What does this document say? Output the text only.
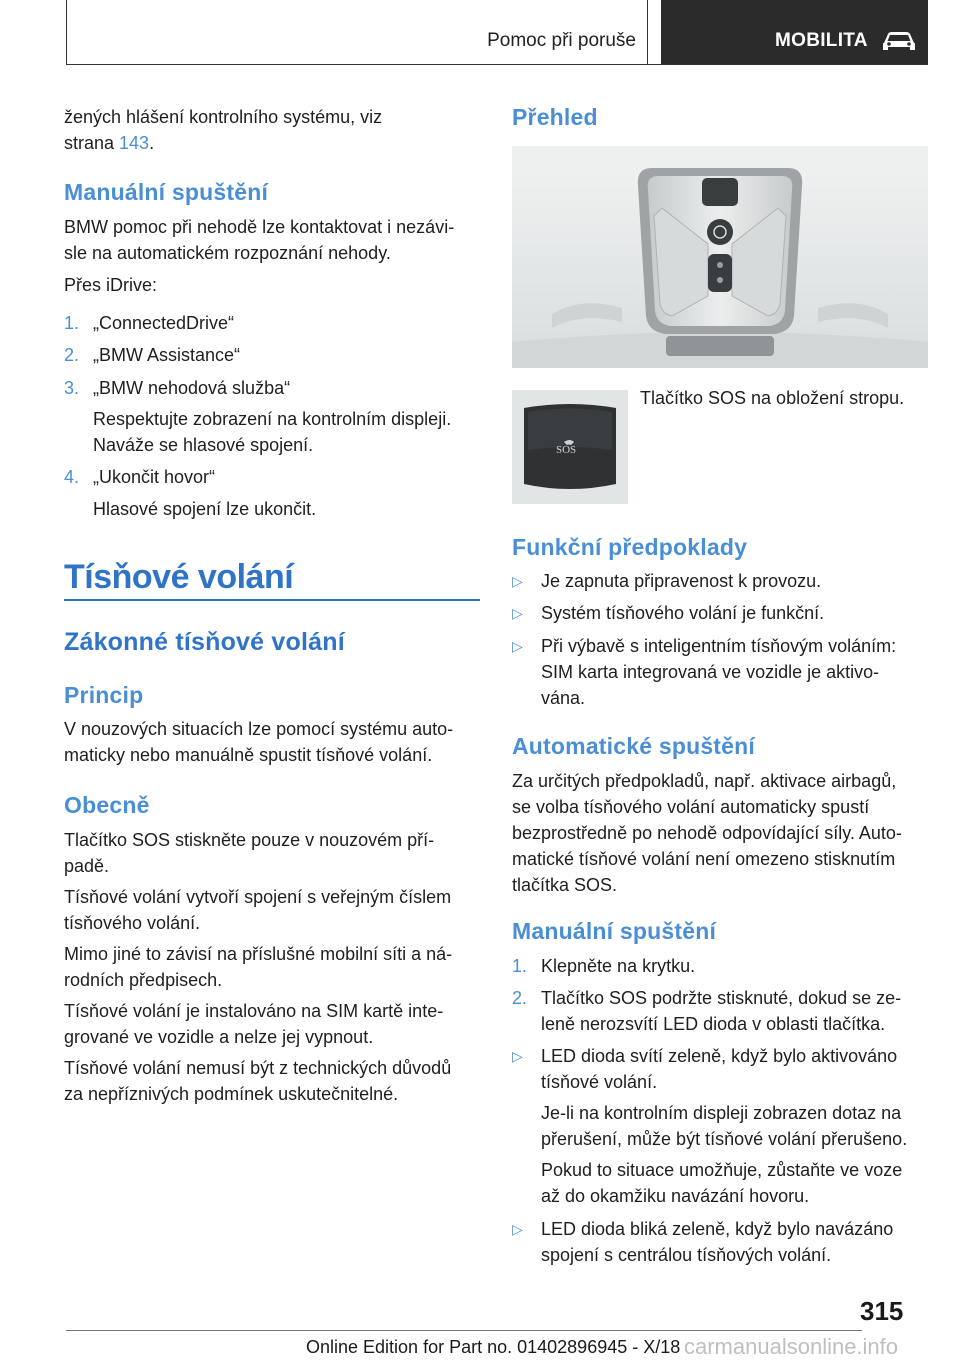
Pomoc při poruše	MOBILITA
žených hlášení kontrolního systému, viz
strana 143.
Manuální spuštění
BMW pomoc při nehodě lze kontaktovat i nezávi-
sle na automatickém rozpoznání nehody.
Přes iDrive:
1. „ConnectedDrive“
2. „BMW Assistance“
3. „BMW nehodová služba“
Respektujte zobrazení na kontrolním displeji.
Naváže se hlasové spojení.
4. „Ukončit hovor“
Hlasové spojení lze ukončit.
Tísňové volání
Zákonné tísňové volání
Princip
V nouzových situacích lze pomocí systému auto-
maticky nebo manuálně spustit tísňové volání.
Obecně
Tlačítko SOS stiskněte pouze v nouzovém pří-
padě.
Tísňové volání vytvoří spojení s veřejným číslem
tísňového volání.
Mimo jiné to závisí na příslušné mobilní síti a ná-
rodních předpisech.
Tísňové volání je instalováno na SIM kartě inte-
grované ve vozidle a nelze jej vypnout.
Tísňové volání nemusí být z technických důvodů
za nepříznivých podmínek uskutečnitelné.
Přehled
SOS
Tlačítko SOS na obložení stropu.
Funkční předpoklady
▷ Je zapnuta připravenost k provozu.
▷ Systém tísňového volání je funkční.
▷ Při výbavě s inteligentním tísňovým voláním:
SIM karta integrovaná ve vozidle je aktivo-
vána.
Automatické spuštění
Za určitých předpokladů, např. aktivace airbagů,
se volba tísňového volání automaticky spustí
bezprostředně po nehodě odpovídající síly. Auto-
matické tísňové volání není omezeno stisknutím
tlačítka SOS.
Manuální spuštění
1. Klepněte na krytku.
2. Tlačítko SOS podržte stisknuté, dokud se ze-
leně nerozsvítí LED dioda v oblasti tlačítka.
▷ LED dioda svítí zeleně, když bylo aktivováno
tísňové volání.
Je-li na kontrolním displeji zobrazen dotaz na
přerušení, může být tísňové volání přerušeno.
Pokud to situace umožňuje, zůstaňte ve voze
až do okamžiku navázání hovoru.
▷ LED dioda bliká zeleně, když bylo navázáno
spojení s centrálou tísňových volání.
315
Online Edition for Part no. 01402896945 - X/18 carmanualsonline.info
